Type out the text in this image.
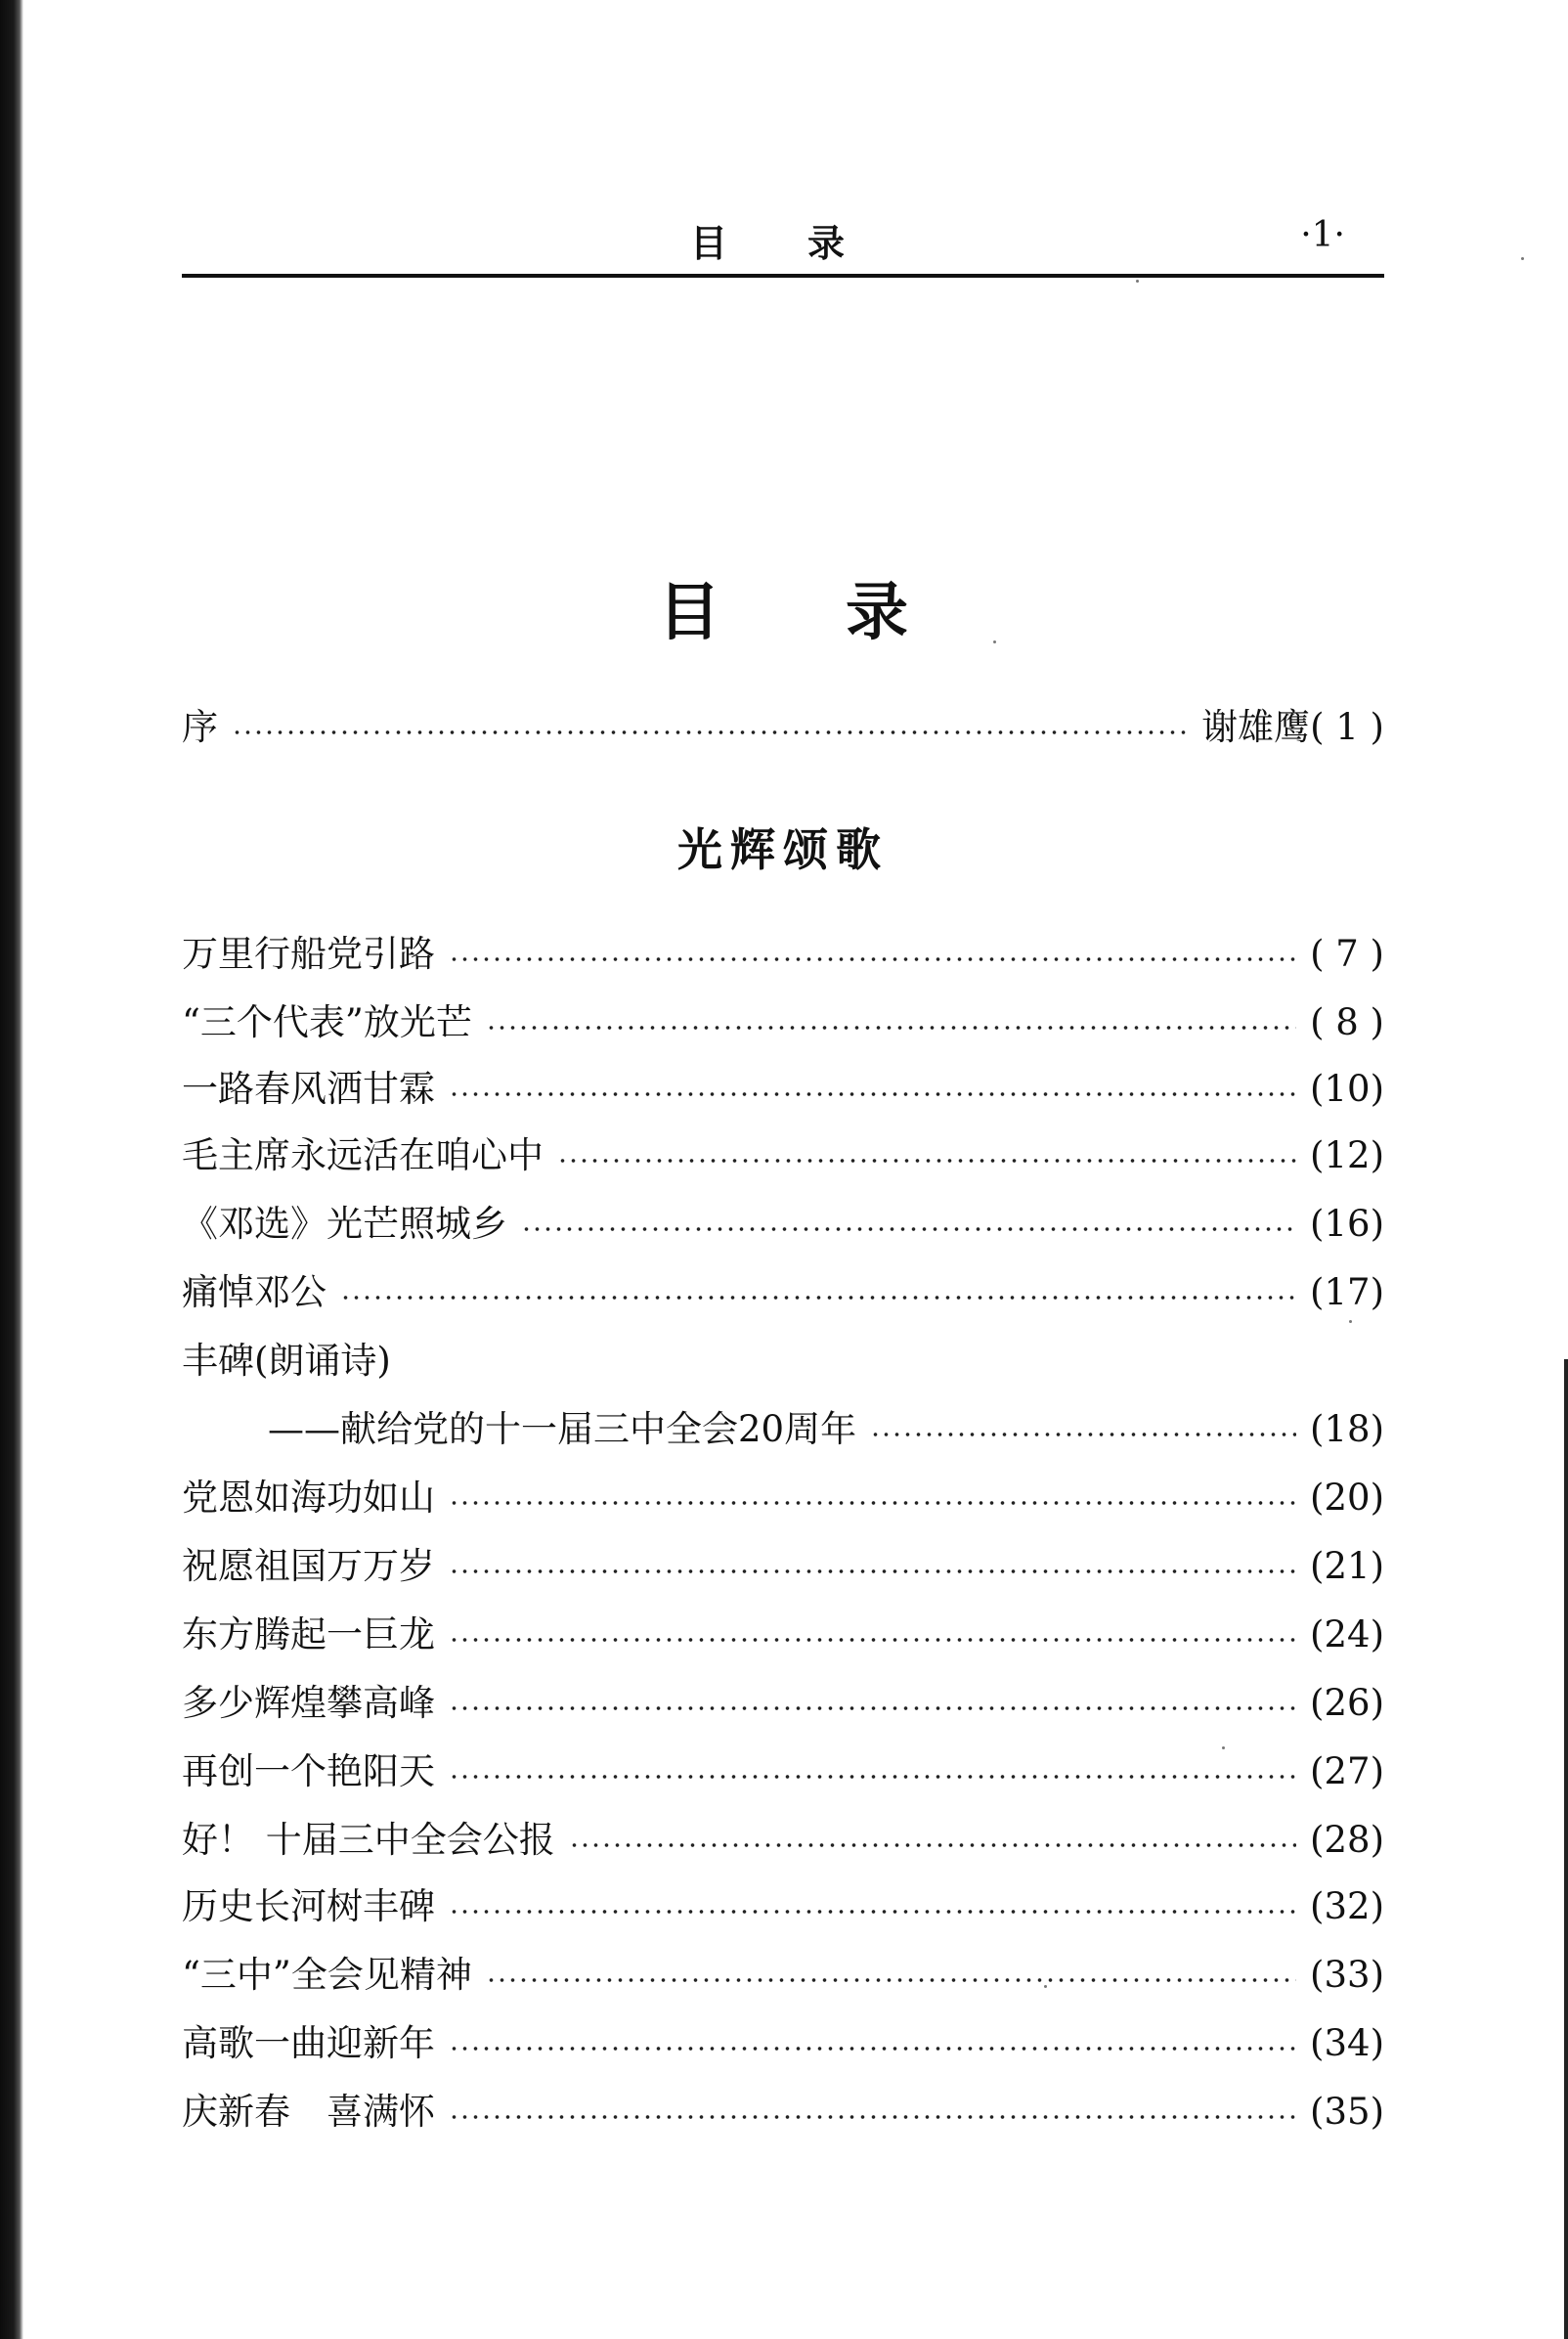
目　　录	·1·
目　　录
序	谢雄鹰 ( 1 )
光辉颂歌
万里行船党引路	( 7 )
“三个代表”放光芒	( 8 )
一路春风洒甘霖	(10)
毛主席永远活在咱心中	(12)
《邓选》光芒照城乡	(16)
痛悼邓公	(17)
丰碑(朗诵诗)
——献给党的十一届三中全会20周年	(18)
党恩如海功如山	(20)
祝愿祖国万万岁	(21)
东方腾起一巨龙	(24)
多少辉煌攀高峰	(26)
再创一个艳阳天	(27)
好！ 十届三中全会公报	(28)
历史长河树丰碑	(32)
“三中”全会见精神	(33)
高歌一曲迎新年	(34)
庆新春　喜满怀	(35)
